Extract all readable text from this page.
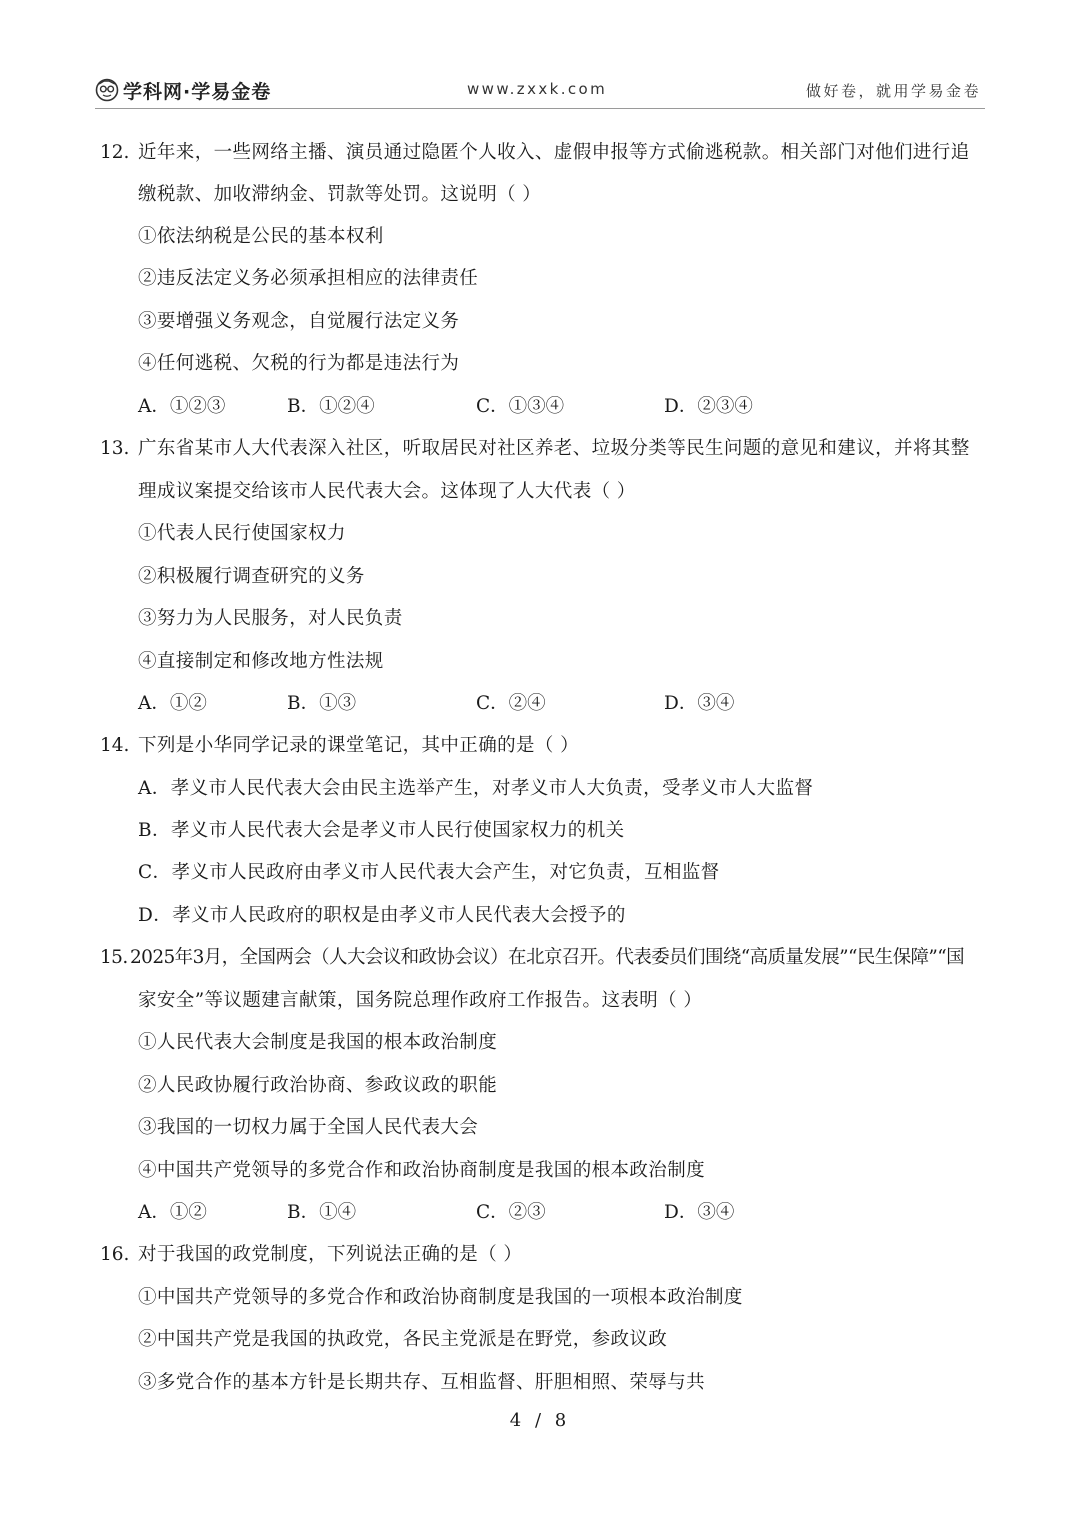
学科网·学易金卷	www.zxxk.com	做好卷，就用学易金卷
12. 近年来，一些网络主播、演员通过隐匿个人收入、虚假申报等方式偷逃税款。相关部门对他们进行追
缴税款、加收滞纳金、罚款等处罚。这说明（ ）
①依法纳税是公民的基本权利
②违反法定义务必须承担相应的法律责任
③要增强义务观念，自觉履行法定义务
④任何逃税、欠税的行为都是违法行为
A．①②③	B．①②④	C．①③④	D．②③④
13. 广东省某市人大代表深入社区，听取居民对社区养老、垃圾分类等民生问题的意见和建议，并将其整
理成议案提交给该市人民代表大会。这体现了人大代表（ ）
①代表人民行使国家权力
②积极履行调查研究的义务
③努力为人民服务，对人民负责
④直接制定和修改地方性法规
A．①②	B．①③	C．②④	D．③④
14. 下列是小华同学记录的课堂笔记，其中正确的是（ ）
A．孝义市人民代表大会由民主选举产生，对孝义市人大负责，受孝义市人大监督
B．孝义市人民代表大会是孝义市人民行使国家权力的机关
C．孝义市人民政府由孝义市人民代表大会产生，对它负责，互相监督
D．孝义市人民政府的职权是由孝义市人民代表大会授予的
15. 2025年3月，全国两会（人大会议和政协会议）在北京召开。代表委员们围绕“高质量发展”“民生保障”“国
家安全”等议题建言献策，国务院总理作政府工作报告。这表明（ ）
①人民代表大会制度是我国的根本政治制度
②人民政协履行政治协商、参政议政的职能
③我国的一切权力属于全国人民代表大会
④中国共产党领导的多党合作和政治协商制度是我国的根本政治制度
A．①②	B．①④	C．②③	D．③④
16. 对于我国的政党制度，下列说法正确的是（ ）
①中国共产党领导的多党合作和政治协商制度是我国的一项根本政治制度
②中国共产党是我国的执政党，各民主党派是在野党，参政议政
③多党合作的基本方针是长期共存、互相监督、肝胆相照、荣辱与共
4 / 8
